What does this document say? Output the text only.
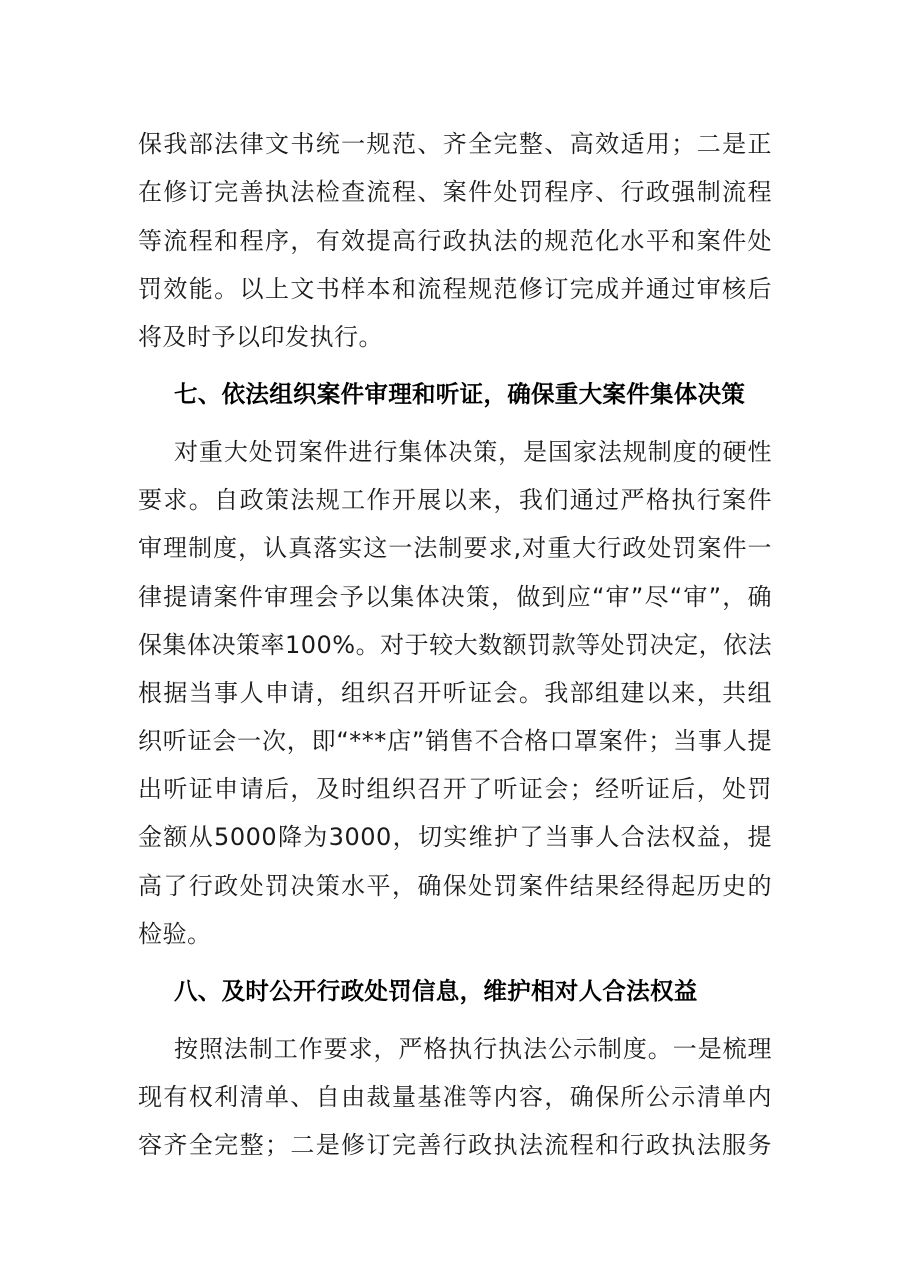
保我部法律文书统一规范、齐全完整、高效适用；二是正
在修订完善执法检查流程、案件处罚程序、行政强制流程
等流程和程序，有效提高行政执法的规范化水平和案件处
罚效能。以上文书样本和流程规范修订完成并通过审核后
将及时予以印发执行。
七、依法组织案件审理和听证，确保重大案件集体决策
对重大处罚案件进行集体决策，是国家法规制度的硬性
要求。自政策法规工作开展以来，我们通过严格执行案件
审理制度，认真落实这一法制要求,对重大行政处罚案件一
律提请案件审理会予以集体决策，做到应“审”尽“审”，确
保集体决策率100%。对于较大数额罚款等处罚决定，依法
根据当事人申请，组织召开听证会。我部组建以来，共组
织听证会一次，即“***店”销售不合格口罩案件；当事人提
出听证申请后，及时组织召开了听证会；经听证后，处罚
金额从5000降为3000，切实维护了当事人合法权益，提
高了行政处罚决策水平，确保处罚案件结果经得起历史的
检验。
八、及时公开行政处罚信息，维护相对人合法权益
按照法制工作要求，严格执行执法公示制度。一是梳理
现有权利清单、自由裁量基准等内容，确保所公示清单内
容齐全完整；二是修订完善行政执法流程和行政执法服务
